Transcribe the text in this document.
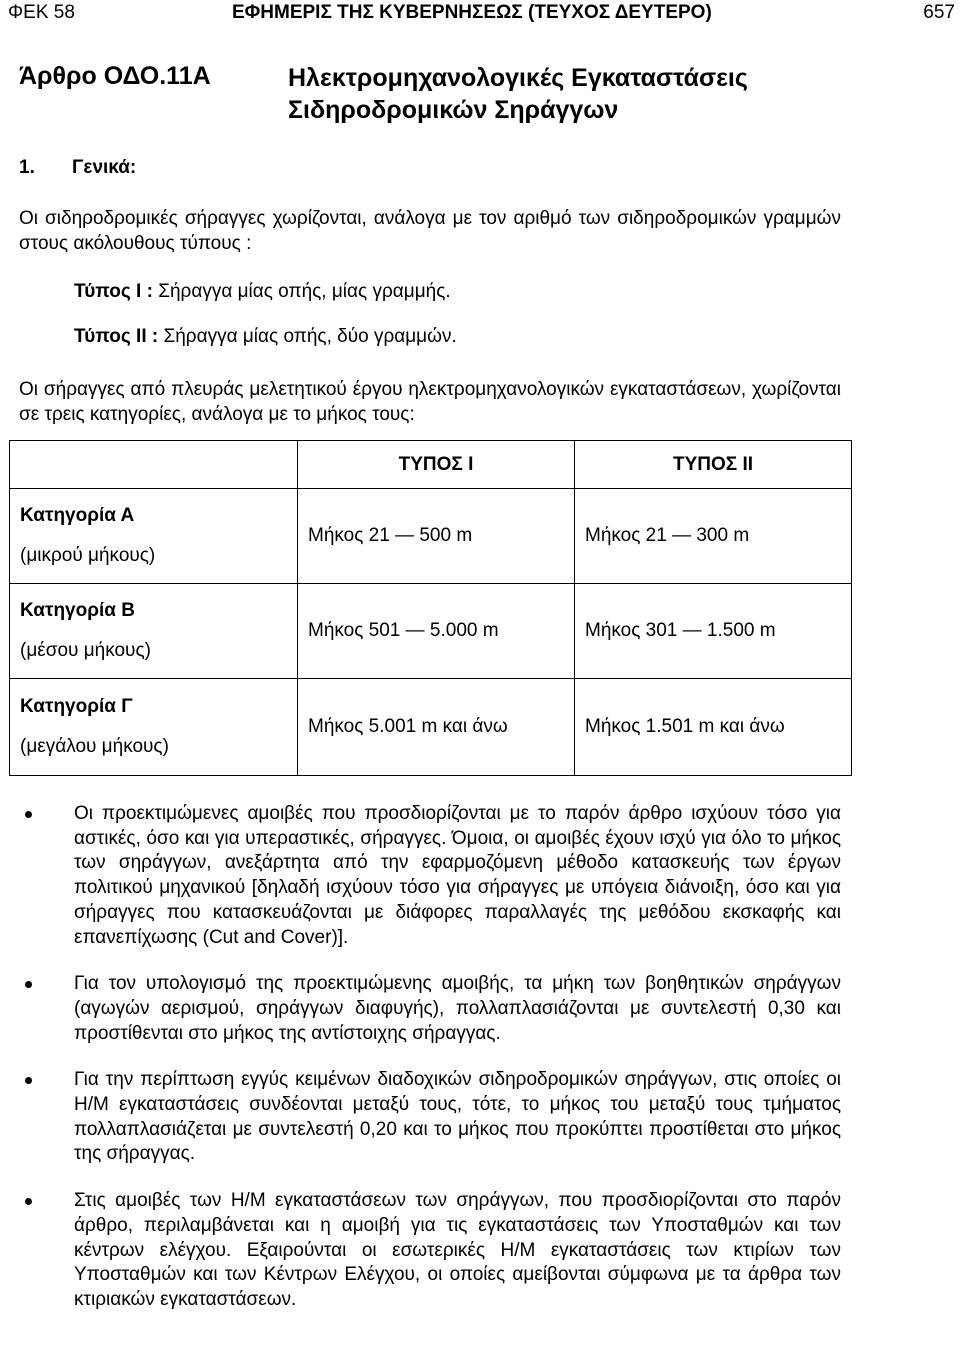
ΦΕΚ 58	ΕΦΗΜΕΡΙΣ ΤΗΣ ΚΥΒΕΡΝΗΣΕΩΣ (ΤΕΥΧΟΣ ΔΕΥΤΕΡΟ)	657
Άρθρο ΟΔΟ.11Α	Ηλεκτρομηχανολογικές Εγκαταστάσεις
Σιδηροδρομικών Σηράγγων
1. Γενικά:
Οι σιδηροδρομικές σήραγγες χωρίζονται, ανάλογα με τον αριθμό των σιδηροδρομικών γραμμών στους ακόλουθους τύπους :
Τύπος I : Σήραγγα μίας οπής, μίας γραμμής.
Τύπος II : Σήραγγα μίας οπής, δύο γραμμών.
Οι σήραγγες από πλευράς μελετητικού έργου ηλεκτρομηχανολογικών εγκαταστάσεων, χωρίζονται σε τρεις κατηγορίες, ανάλογα με το μήκος τους:
	ΤΥΠΟΣ I	ΤΥΠΟΣ II

Κατηγορία Α
(μικρού μήκους)	Μήκος 21 — 500 m	Μήκος 21 — 300 m

Κατηγορία Β
(μέσου μήκους)	Μήκος 501 — 5.000 m	Μήκος 301 — 1.500 m

Κατηγορία Γ
(μεγάλου μήκους)	Μήκος 5.001 m και άνω	Μήκος 1.501 m και άνω
Οι προεκτιμώμενες αμοιβές που προσδιορίζονται με το παρόν άρθρο ισχύουν τόσο για αστικές, όσο και για υπεραστικές, σήραγγες. Όμοια, οι αμοιβές έχουν ισχύ για όλο το μήκος των σηράγγων, ανεξάρτητα από την εφαρμοζόμενη μέθοδο κατασκευής των έργων πολιτικού μηχανικού [δηλαδή ισχύουν τόσο για σήραγγες με υπόγεια διάνοιξη, όσο και για σήραγγες που κατασκευάζονται με διάφορες παραλλαγές της μεθόδου εκσκαφής και επανεπίχωσης (Cut and Cover)].
Για τον υπολογισμό της προεκτιμώμενης αμοιβής, τα μήκη των βοηθητικών σηράγγων (αγωγών αερισμού, σηράγγων διαφυγής), πολλαπλασιάζονται με συντελεστή 0,30 και προστίθενται στο μήκος της αντίστοιχης σήραγγας.
Για την περίπτωση εγγύς κειμένων διαδοχικών σιδηροδρομικών σηράγγων, στις οποίες οι Η/Μ εγκαταστάσεις συνδέονται μεταξύ τους, τότε, το μήκος του μεταξύ τους τμήματος πολλαπλασιάζεται με συντελεστή 0,20 και το μήκος που προκύπτει προστίθεται στο μήκος της σήραγγας.
Στις αμοιβές των Η/Μ εγκαταστάσεων των σηράγγων, που προσδιορίζονται στο παρόν άρθρο, περιλαμβάνεται και η αμοιβή για τις εγκαταστάσεις των Υποσταθμών και των κέντρων ελέγχου. Εξαιρούνται οι εσωτερικές Η/Μ εγκαταστάσεις των κτιρίων των Υποσταθμών και των Κέντρων Ελέγχου, οι οποίες αμείβονται σύμφωνα με τα άρθρα των κτιριακών εγκαταστάσεων.
